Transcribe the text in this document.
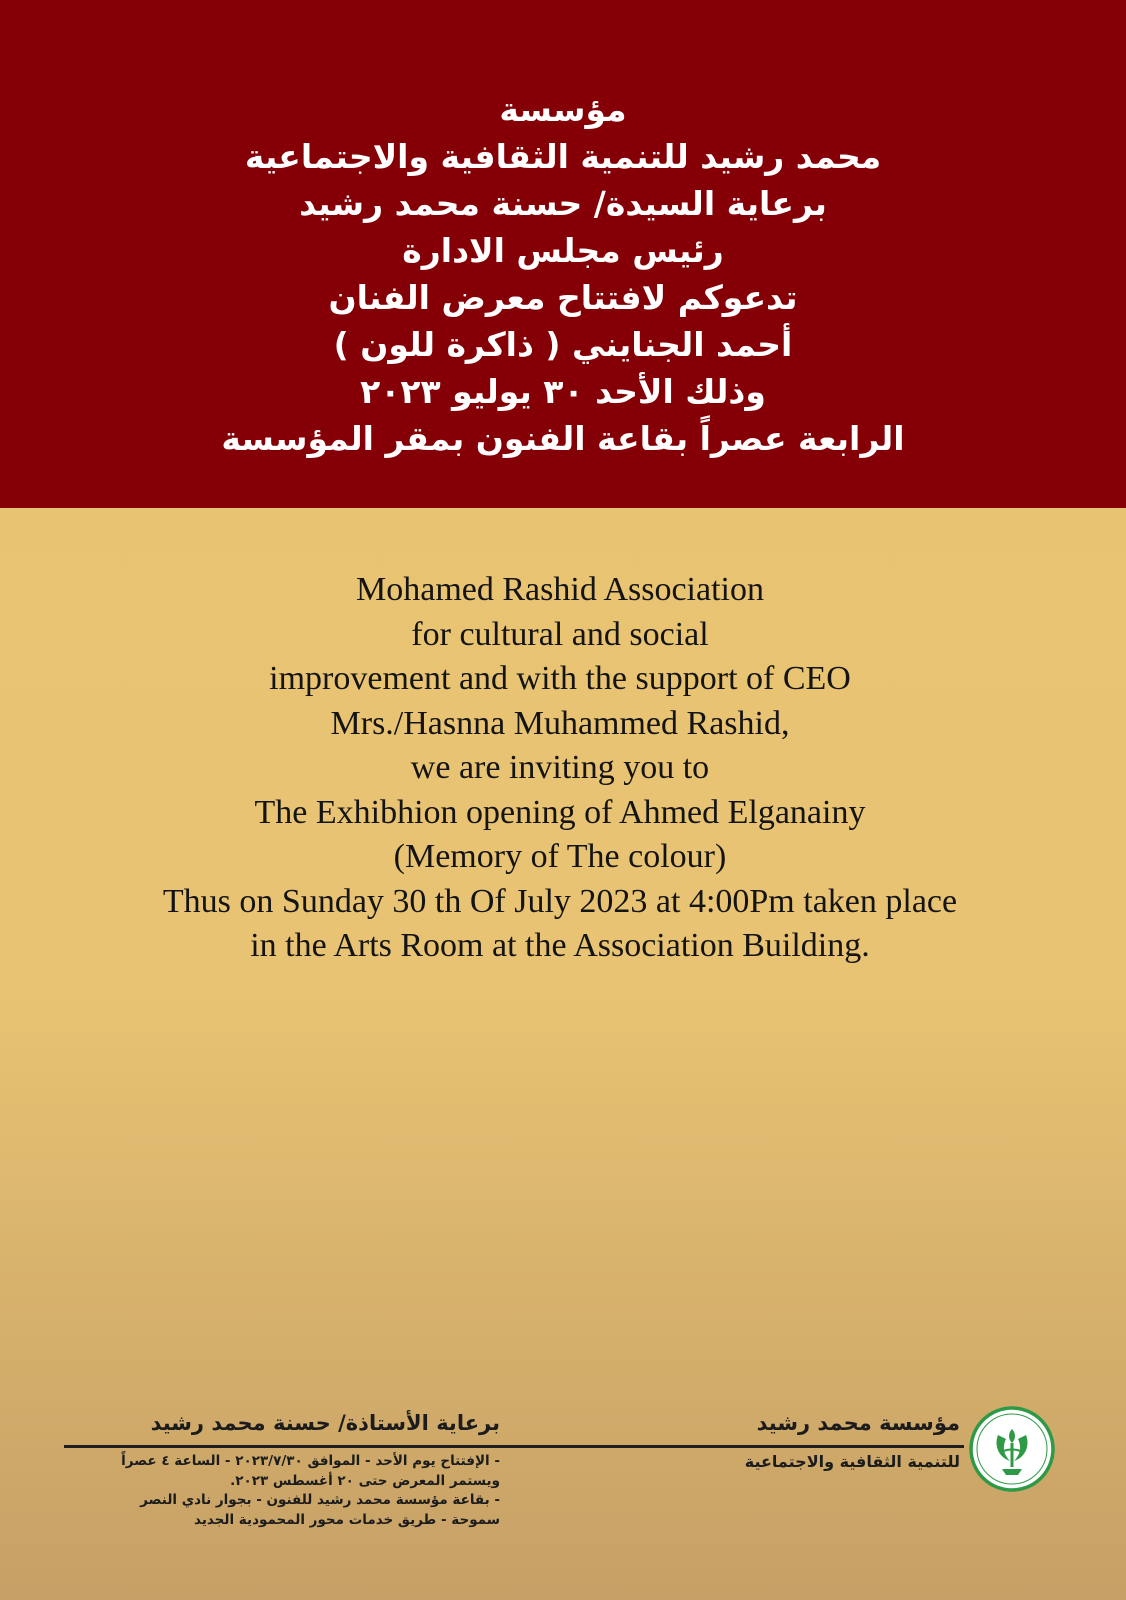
مؤسسة
محمد رشيد للتنمية الثقافية والاجتماعية
برعاية السيدة/ حسنة محمد رشيد
رئيس مجلس الادارة
تدعوكم لافتتاح معرض الفنان
أحمد الجنايني ( ذاكرة للون )
وذلك الأحد ٣٠ يوليو ٢٠٢٣
الرابعة عصراً بقاعة الفنون بمقر المؤسسة
Mohamed Rashid Association
for cultural and social
improvement and with the support of CEO
Mrs./Hasnna Muhammed Rashid,
we are inviting you to
The Exhibhion opening of Ahmed Elganainy
(Memory of The colour)
Thus on Sunday 30 th Of July 2023 at 4:00Pm taken place
in the Arts Room at the Association Building.
برعاية الأستاذة/ حسنة محمد رشيد
- الإفتتاح يوم الأحد - الموافق ٢٠٢٣/٧/٣٠ - الساعة ٤ عصراً
ويستمر المعرض حتى ٢٠ أغسطس ٢٠٢٣.
- بقاعة مؤسسة محمد رشيد للفنون - بجوار نادي النصر
سموحة - طريق خدمات محور المحمودية الجديد
مؤسسة محمد رشيد
للتنمية الثقافية والاجتماعية
